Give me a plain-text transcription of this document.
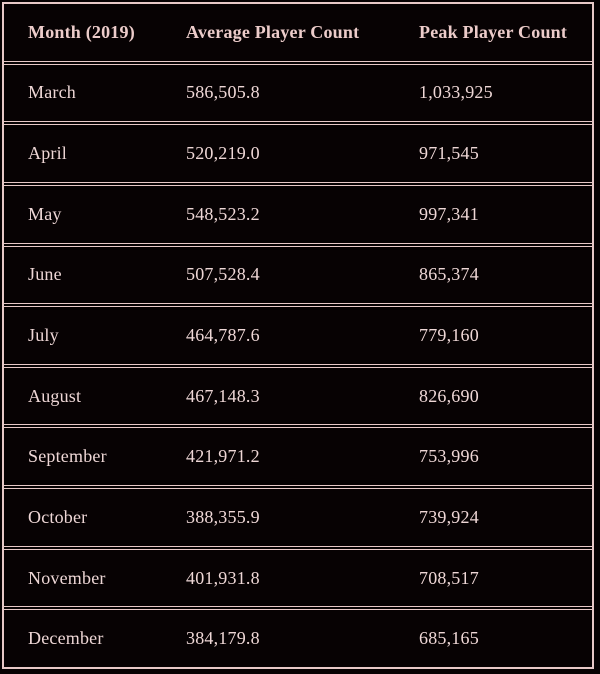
Month (2019)	Average Player Count	Peak Player Count
March	586,505.8	1,033,925
April	520,219.0	971,545
May	548,523.2	997,341
June	507,528.4	865,374
July	464,787.6	779,160
August	467,148.3	826,690
September	421,971.2	753,996
October	388,355.9	739,924
November	401,931.8	708,517
December	384,179.8	685,165
